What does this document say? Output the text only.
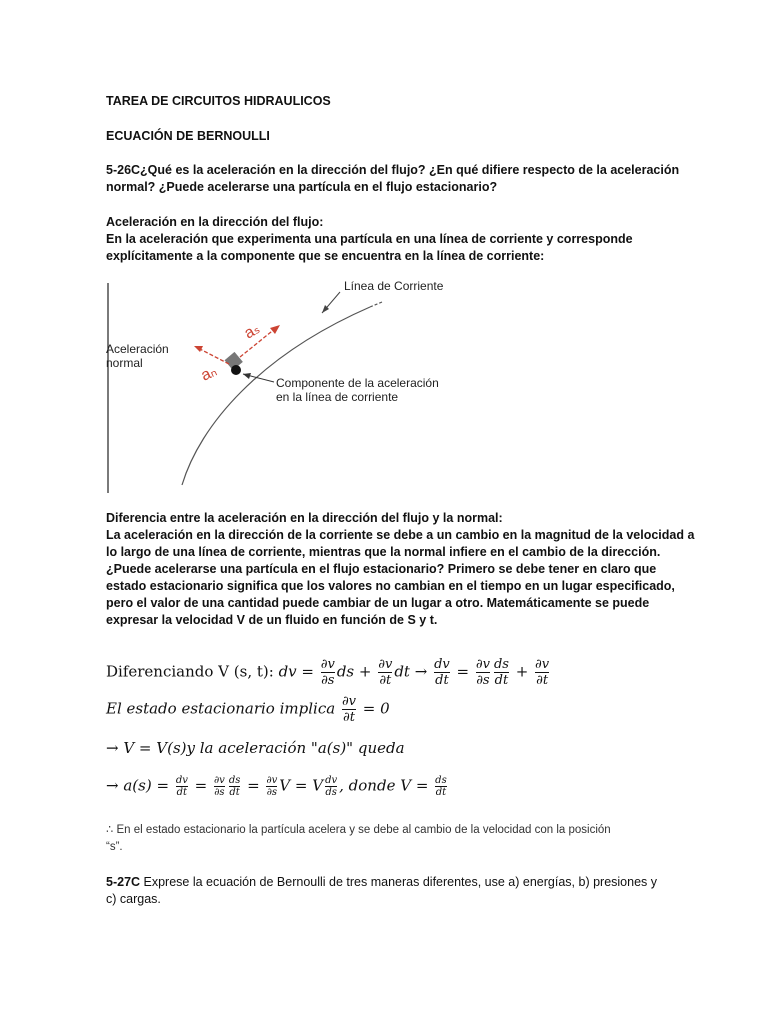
TAREA DE CIRCUITOS HIDRAULICOS

ECUACIÓN DE BERNOULLI

5-26C¿Qué es la aceleración en la dirección del flujo? ¿En qué difiere respecto de la aceleración
normal? ¿Puede acelerarse una partícula en el flujo estacionario?
Aceleración en la dirección del flujo:
En la aceleración que experimenta una partícula en una línea de corriente y corresponde
explícitamente a la componente que se encuentra en la línea de corriente:
Línea de Corriente
aₛ
aₙ
Aceleración
normal
Componente de la aceleración
en la línea de corriente
Diferencia entre la aceleración en la dirección del flujo y la normal:
La aceleración en la dirección de la corriente se debe a un cambio en la magnitud de la velocidad a
lo largo de una línea de corriente, mientras que la normal infiere en el cambio de la dirección.
¿Puede acelerarse una partícula en el flujo estacionario? Primero se debe tener en claro que
estado estacionario significa que los valores no cambian en el tiempo en un lugar especificado,
pero el valor de una cantidad puede cambiar de un lugar a otro. Matemáticamente se puede
expresar la velocidad V de un fluido en función de S y t.
Diferenciando V (s, t): dv = $\frac{\partial v}{\partial s}$ ds + $\frac{\partial v}{\partial t}$ dt → $\frac{dv}{dt} = \frac{\partial v}{\partial s} \frac{ds}{dt} + \frac{\partial v}{\partial t}$
El estado estacionario implica $\frac{\partial v}{\partial t} = 0$
→ V = V(s)y la aceleración "a(s)" queda
→ $a(s) = \frac{dv}{dt} = \frac{\partial v}{\partial s} \frac{ds}{dt} = \frac{\partial v}{\partial s}$ V = V $\frac{dv}{ds}$ , donde $V = \frac{ds}{dt}$
∴ En el estado estacionario la partícula acelera y se debe al cambio de la velocidad con la posición
“s”.
5-27C Exprese la ecuación de Bernoulli de tres maneras diferentes, use a) energías, b) presiones y
c) cargas.
